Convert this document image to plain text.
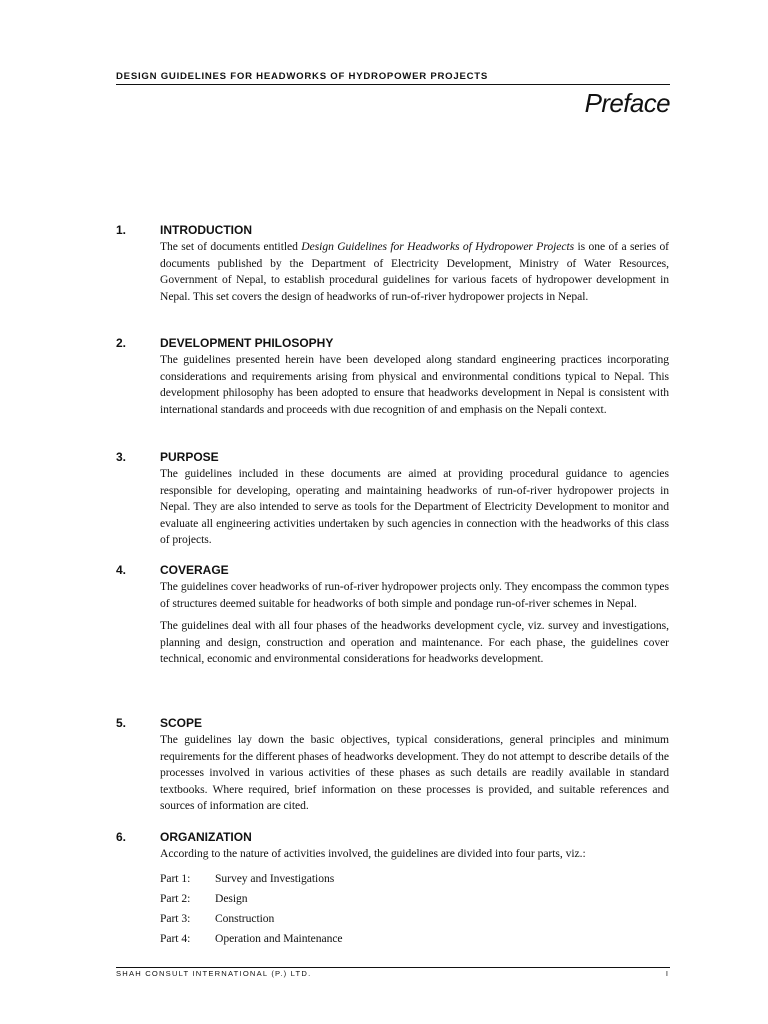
DESIGN GUIDELINES FOR HEADWORKS OF HYDROPOWER PROJECTS
Preface
1.	INTRODUCTION

The set of documents entitled Design Guidelines for Headworks of Hydropower Projects is one of a series of documents published by the Department of Electricity Development, Ministry of Water Resources, Government of Nepal, to establish procedural guidelines for various facets of hydropower development in Nepal. This set covers the design of headworks of run-of-river hydropower projects in Nepal.

2.	DEVELOPMENT PHILOSOPHY

The guidelines presented herein have been developed along standard engineering practices incorporating considerations and requirements arising from physical and environmental conditions typical to Nepal. This development philosophy has been adopted to ensure that headworks development in Nepal is consistent with international standards and proceeds with due recognition of and emphasis on the Nepali context.

3.	PURPOSE

The guidelines included in these documents are aimed at providing procedural guidance to agencies responsible for developing, operating and maintaining headworks of run-of-river hydropower projects in Nepal. They are also intended to serve as tools for the Department of Electricity Development to monitor and evaluate all engineering activities undertaken by such agencies in connection with the headworks of this class of projects.

4.	COVERAGE

The guidelines cover headworks of run-of-river hydropower projects only. They encompass the common types of structures deemed suitable for headworks of both simple and pondage run-of-river schemes in Nepal.

The guidelines deal with all four phases of the headworks development cycle, viz. survey and investigations, planning and design, construction and operation and maintenance. For each phase, the guidelines cover technical, economic and environmental considerations for headworks development.

5.	SCOPE

The guidelines lay down the basic objectives, typical considerations, general principles and minimum requirements for the different phases of headworks development. They do not attempt to describe details of the processes involved in various activities of these phases as such details are readily available in standard textbooks. Where required, brief information on these processes is provided, and suitable references and sources of information are cited.

6.	ORGANIZATION

According to the nature of activities involved, the guidelines are divided into four parts, viz.:

Part 1: Survey and Investigations
Part 2: Design
Part 3: Construction
Part 4: Operation and Maintenance
SHAH CONSULT INTERNATIONAL (P.) LTD.	I
